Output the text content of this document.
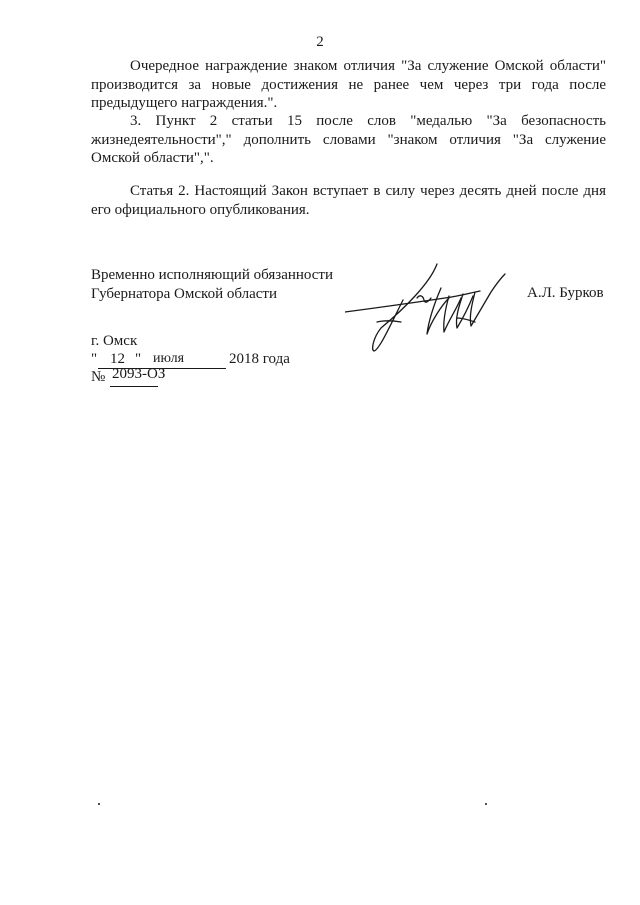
2

Очередное награждение знаком отличия "За служение Омской области" производится за новые достижения не ранее чем через три года после предыдущего награждения.".

3. Пункт 2 статьи 15 после слов "медалью "За безопасность жизнедеятельности"," дополнить словами "знаком отличия "За служение Омской области",".

Статья 2. Настоящий Закон вступает в силу через десять дней после дня его официального опубликования.

Временно исполняющий обязанности
Губернатора Омской области	А.Л. Бурков
г. Омск
" 12 " июля	2018 года
№ 2093-ОЗ
